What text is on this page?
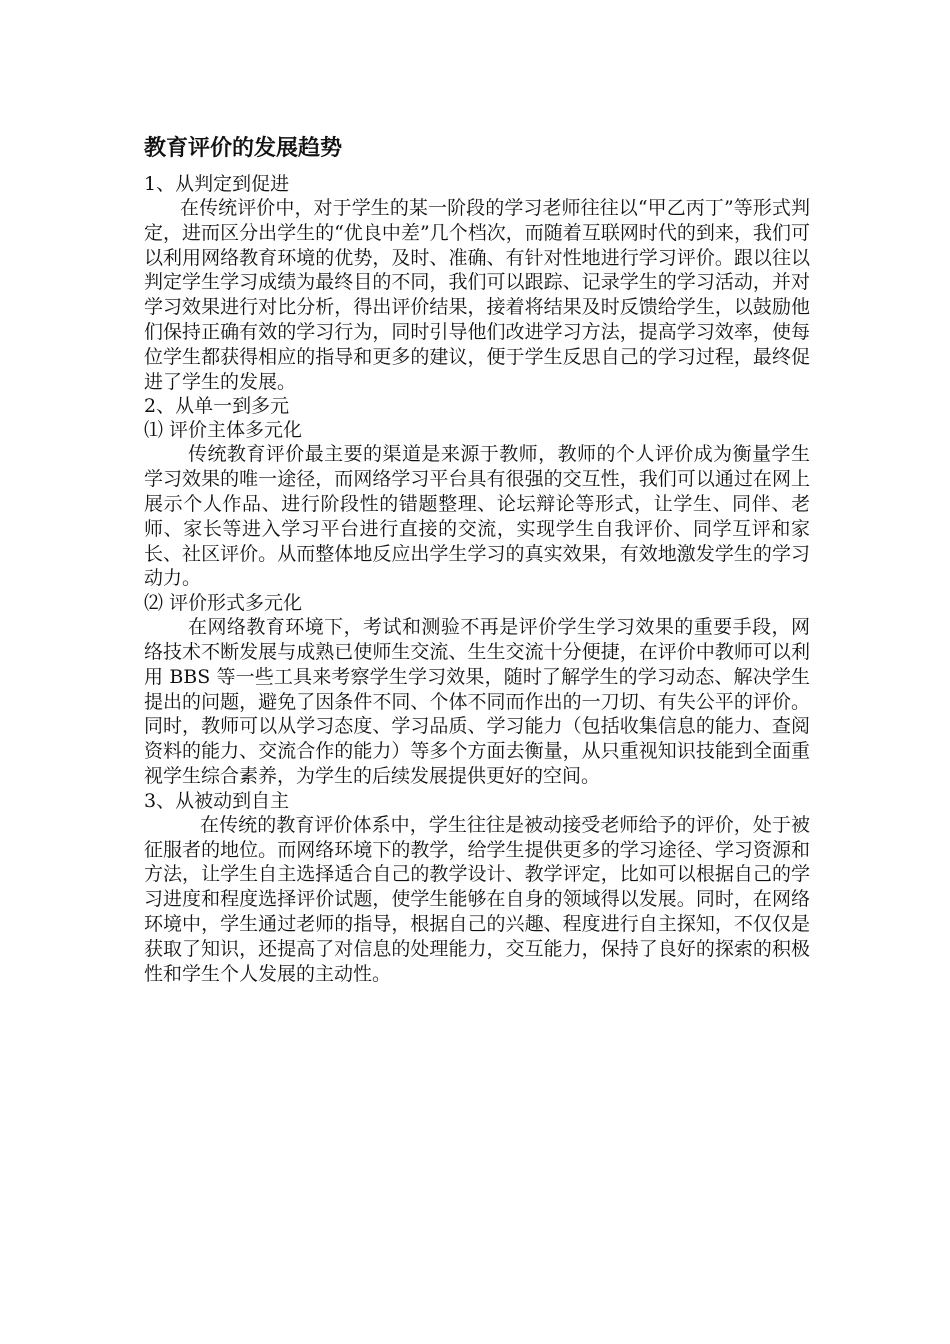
教育评价的发展趋势

1、从判定到促进

在传统评价中，对于学生的某一阶段的学习老师往往以“甲乙丙丁”等形式判定，进而区分出学生的“优良中差”几个档次，而随着互联网时代的到来，我们可以利用网络教育环境的优势，及时、准确、有针对性地进行学习评价。跟以往以判定学生学习成绩为最终目的不同，我们可以跟踪、记录学生的学习活动，并对学习效果进行对比分析，得出评价结果，接着将结果及时反馈给学生，以鼓励他们保持正确有效的学习行为，同时引导他们改进学习方法，提高学习效率，使每位学生都获得相应的指导和更多的建议，便于学生反思自己的学习过程，最终促进了学生的发展。

2、从单一到多元

⑴ 评价主体多元化

传统教育评价最主要的渠道是来源于教师，教师的个人评价成为衡量学生学习效果的唯一途径，而网络学习平台具有很强的交互性，我们可以通过在网上展示个人作品、进行阶段性的错题整理、论坛辩论等形式，让学生、同伴、老师、家长等进入学习平台进行直接的交流，实现学生自我评价、同学互评和家长、社区评价。从而整体地反应出学生学习的真实效果，有效地激发学生的学习动力。

⑵ 评价形式多元化

在网络教育环境下，考试和测验不再是评价学生学习效果的重要手段，网络技术不断发展与成熟已使师生交流、生生交流十分便捷，在评价中教师可以利用 BBS 等一些工具来考察学生学习效果，随时了解学生的学习动态、解决学生提出的问题，避免了因条件不同、个体不同而作出的一刀切、有失公平的评价。同时，教师可以从学习态度、学习品质、学习能力（包括收集信息的能力、查阅资料的能力、交流合作的能力）等多个方面去衡量，从只重视知识技能到全面重视学生综合素养，为学生的后续发展提供更好的空间。

3、从被动到自主

在传统的教育评价体系中，学生往往是被动接受老师给予的评价，处于被征服者的地位。而网络环境下的教学，给学生提供更多的学习途径、学习资源和方法，让学生自主选择适合自己的教学设计、教学评定，比如可以根据自己的学习进度和程度选择评价试题，使学生能够在自身的领域得以发展。同时，在网络环境中，学生通过老师的指导，根据自己的兴趣、程度进行自主探知，不仅仅是获取了知识，还提高了对信息的处理能力，交互能力，保持了良好的探索的积极性和学生个人发展的主动性。
